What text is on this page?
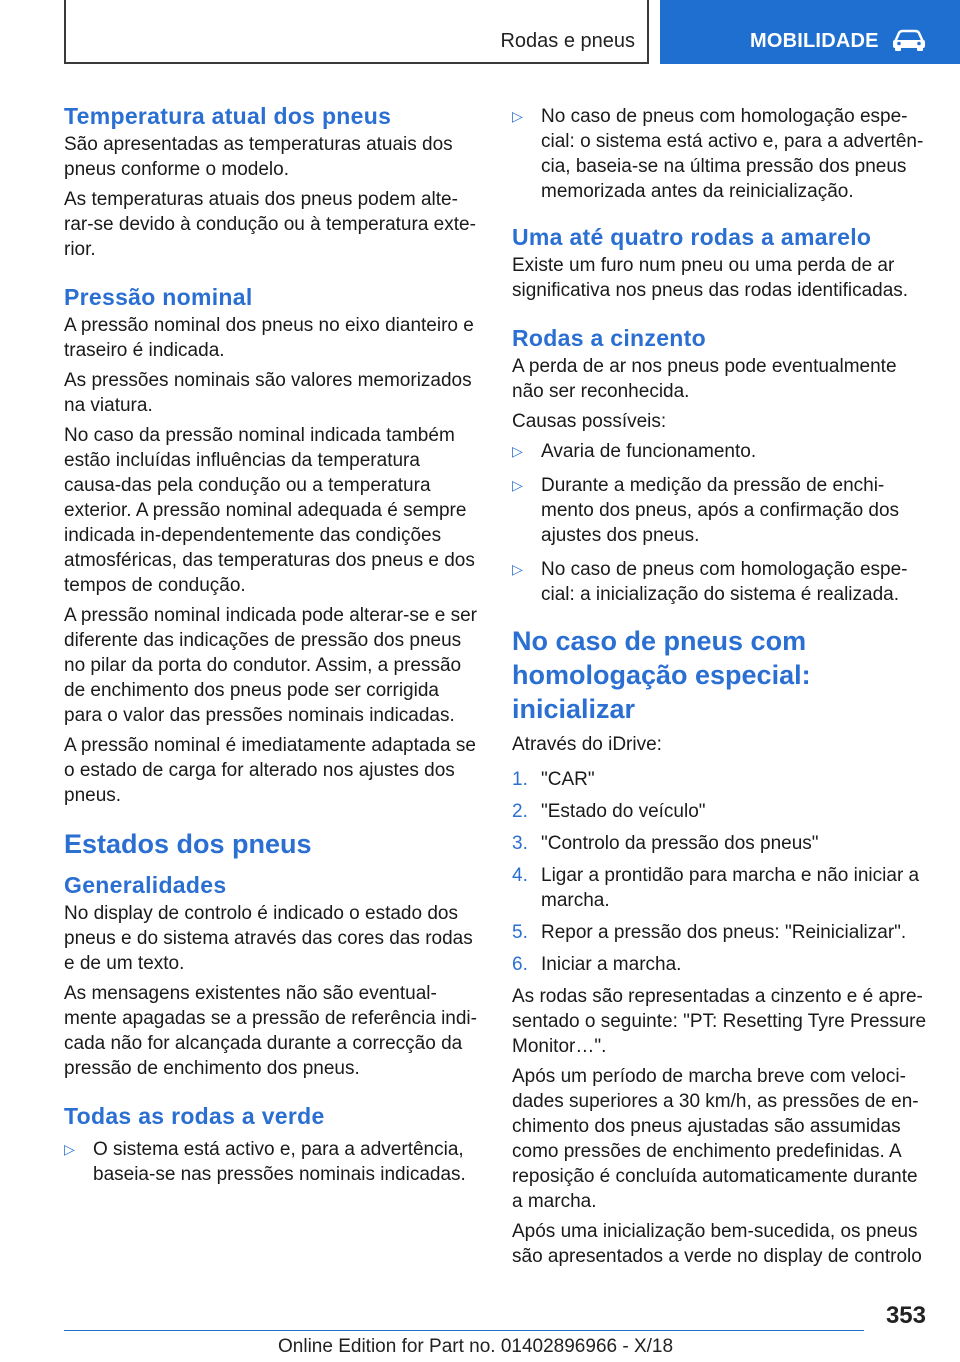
Rodas e pneus	MOBILIDADE
Temperatura atual dos pneus

São apresentadas as temperaturas atuais dos pneus conforme o modelo.

As temperaturas atuais dos pneus podem alte-rar-se devido à condução ou à temperatura exte-rior.

Pressão nominal

A pressão nominal dos pneus no eixo dianteiro e traseiro é indicada.

As pressões nominais são valores memorizados na viatura.

No caso da pressão nominal indicada também estão incluídas influências da temperatura causa-das pela condução ou a temperatura exterior. A pressão nominal adequada é sempre indicada in-dependentemente das condições atmosféricas, das temperaturas dos pneus e dos tempos de condução.

A pressão nominal indicada pode alterar-se e ser diferente das indicações de pressão dos pneus no pilar da porta do condutor. Assim, a pressão de enchimento dos pneus pode ser corrigida para o valor das pressões nominais indicadas.

A pressão nominal é imediatamente adaptada se o estado de carga for alterado nos ajustes dos pneus.

Estados dos pneus
Generalidades

No display de controlo é indicado o estado dos pneus e do sistema através das cores das rodas e de um texto.

As mensagens existentes não são eventual-mente apagadas se a pressão de referência indi-cada não for alcançada durante a correcção da pressão de enchimento dos pneus.

Todas as rodas a verde
▷ O sistema está activo e, para a advertência, baseia-se nas pressões nominais indicadas.
▷ No caso de pneus com homologação espe-cial: o sistema está activo e, para a advertên-cia, baseia-se na última pressão dos pneus memorizada antes da reinicialização.
Uma até quatro rodas a amarelo

Existe um furo num pneu ou uma perda de ar significativa nos pneus das rodas identificadas.

Rodas a cinzento

A perda de ar nos pneus pode eventualmente não ser reconhecida.

Causas possíveis:

▷ Avaria de funcionamento.
▷ Durante a medição da pressão de enchi-mento dos pneus, após a confirmação dos ajustes dos pneus.
▷ No caso de pneus com homologação espe-cial: a inicialização do sistema é realizada.
No caso de pneus com
homologação especial: inicializar

Através do iDrive:

1. "CAR"
2. "Estado do veículo"
3. "Controlo da pressão dos pneus"
4. Ligar a prontidão para marcha e não iniciar a marcha.
5. Repor a pressão dos pneus: "Reinicializar".
6. Iniciar a marcha.

As rodas são representadas a cinzento e é apre-sentado o seguinte: "PT: Resetting Tyre Pressure Monitor…".

Após um período de marcha breve com veloci-dades superiores a 30 km/h, as pressões de en-chimento dos pneus ajustadas são assumidas como pressões de enchimento predefinidas. A reposição é concluída automaticamente durante a marcha.

Após uma inicialização bem-sucedida, os pneus são apresentados a verde no display de controlo

353
Online Edition for Part no. 01402896966 - X/18
